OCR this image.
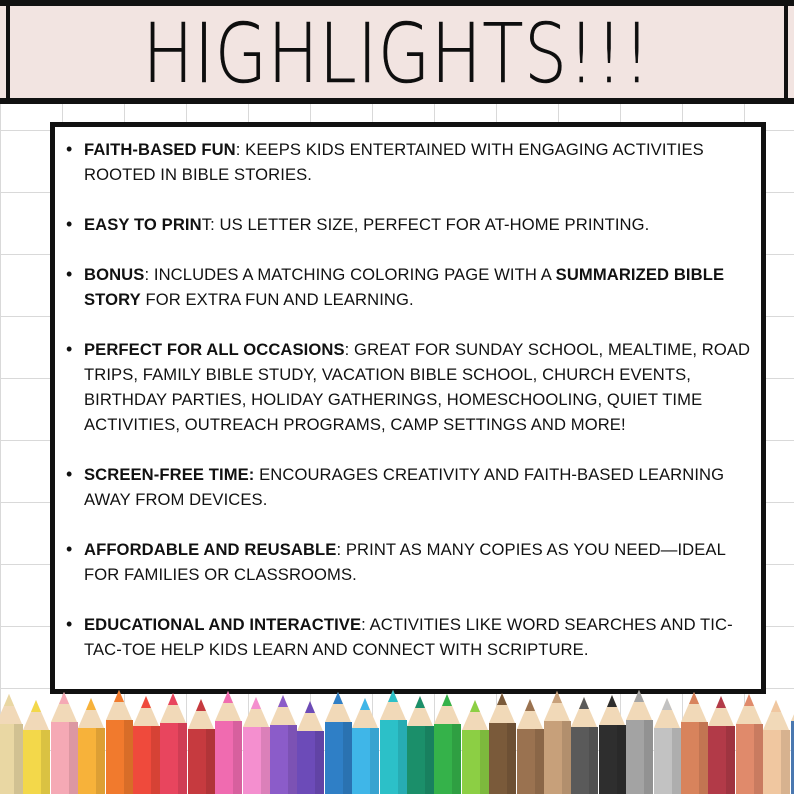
HIGHLIGHTS!!!
• FAITH-BASED FUN: KEEPS KIDS ENTERTAINED WITH ENGAGING ACTIVITIES ROOTED IN BIBLE STORIES.
• EASY TO PRINT: US LETTER SIZE, PERFECT FOR AT-HOME PRINTING.
• BONUS: INCLUDES A MATCHING COLORING PAGE WITH A SUMMARIZED BIBLE STORY FOR EXTRA FUN AND LEARNING.
• PERFECT FOR ALL OCCASIONS: GREAT FOR SUNDAY SCHOOL, MEALTIME, ROAD TRIPS, FAMILY BIBLE STUDY, VACATION BIBLE SCHOOL, CHURCH EVENTS, BIRTHDAY PARTIES, HOLIDAY GATHERINGS, HOMESCHOOLING, QUIET TIME ACTIVITIES, OUTREACH PROGRAMS, CAMP SETTINGS AND MORE!
• SCREEN-FREE TIME: ENCOURAGES CREATIVITY AND FAITH-BASED LEARNING AWAY FROM DEVICES.
• AFFORDABLE AND REUSABLE: PRINT AS MANY COPIES AS YOU NEED—IDEAL FOR FAMILIES OR CLASSROOMS.
• EDUCATIONAL AND INTERACTIVE: ACTIVITIES LIKE WORD SEARCHES AND TIC-TAC-TOE HELP KIDS LEARN AND CONNECT WITH SCRIPTURE.
